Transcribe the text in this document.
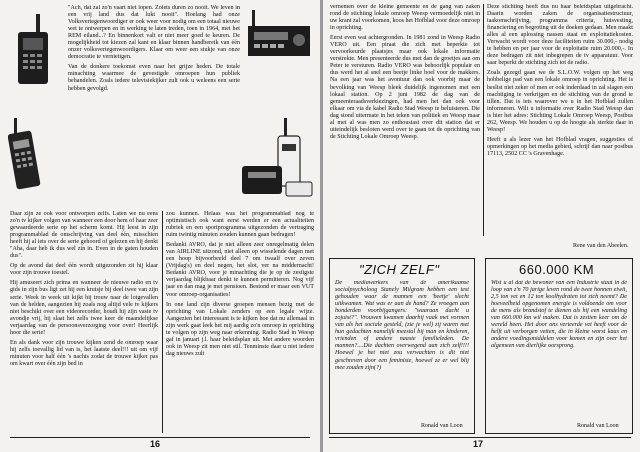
"Ach, dat zal zo'n vaart niet lopen. Zoiets duren zo nooit. We leven in een vrij land dus dat lukt nooit". Hoelang had onze Volksvertegenwoordiger er ook weer voor nodig om een totaal nieuwe wet te ontwerpen en in werking te laten treden, toen in 1964, met het REM eiland...? En binnenkort valt er niet meer goed te keuren. De mogelijkheid tot kiezen zal kant en klaar binnen handbereik van één onzer volksvertegenwoordigers. Klaar om weer een stukje van onze democratie te vernietigen.

Van de donkere toekomst even naar het grijze heden. De totale minachting waarmee de gevestigde omroepen hun publiek behandelen. Zoals iedere televisiekijker zult ook u weleens een serie hebben gevolgd.

Daar zijn ze ook voor ontworpen zelfs. Laten we nu eens zo'n tv kijker volgen van wanneer een door hem of haar zeer gewaardeerde serie op het scherm komt. Hij leest in zijn programmablad de omschrijving van deel één, misschien heeft hij al iets over de serie gehoord of gelezen en hij denkt "Aha, daar heb ik dus wel zin in. Even in de gaten houden dus".

Op de avond dat deel één wordt uitgezonden zit hij klaar voor zijn trouwe toestel.

Hij amuseert zich prima en wanneer de nieuwe radio en tv gids in zijn bus ligt zet hij een kruisje bij deel twee van zijn serie. Week in week uit kijkt hij trouw naar de lotgevallen van de helden, aangezien hij zoals nog altijd vele tv kijkers niet beschikt over een videorecorder, houdt hij zijn vaste tv avondje vrij, hij slaat het zelfs twee keer de maandelijkse verjaardag van de persoonsverzorging voor over! Heerlijk hoor die serie!

En als dank voor zijn trouwe kijken zend de omroep waar hij zelfs toevallig lid van is, het laatste deel!!! uit om vijf minuten voor half één 's nachts zodat de trouwe kijker pas om kwart over één zijn bed in

zou kunnen. Helaas was het programmablad nog te optimistisch ook want eerst werden er een actualiteiten rubriek en een sportprogramma uitgezonden de vertraging ruim twintig minuten zouden kunnen gaan bedragen!

Bedankt AVRO, dat je niet alleen zeer onregelmatig delen van AIRLINE uitzond, niet alleen op wisselende dagen met een hoop bijvoorbeeld deel 7 om twaalf over zeven (Vrijdag's) en deel negen, het slot, ver na middernacht! Bedankt AVRO, voor je minachting die je op de zestigste verjaardag blijkbaar denkt te kunnen permitteren. Nog vijf jaar en dan mag je met pensioen. Bestond er maar een VUT voor omroep-organisaties!

In one land zijn diverse groepen mensen bezig met de oprichting van Lokale zenders op een legale wijze. Aangezien het interessant is te kijken hoe dat nu allemaal in zijn werk gaat leek het mij aardig zo'n omroep in oprichting te volgen op zijn weg naar erkenning. Radio Stad in Weesp gaf in januari j.l. haar beleidsplan uit. Met andere woorden ook in Weesp zit men niet stil. Tenminste daar u niet iedere dag nieuws zult

16

vernemen over de kleine gemeente en de gang van zaken rond de stichting lokale omroep Weesp vermoedelijk niet in uw krant zal voorkomen, koos het Hofblad voor deze omroep in oprichting.

Eerst even wat achtergronden. In 1981 zond in Weesp Radio VERO uit. Een piraat die zich met beperkte tot vervoorkeurde plaatsjes maar ook lokale informatie verstrekte. Men presenteerde dus met dan de groetjes aan om Peter te versturen. Radio VERO was behoorlijk populair en dus werd het al snel een beetje linke boel voor de makkers. Na een jaar was het avontuur dan ook voorbij maar de bevolking van Weesp bleek duidelijk ingenomen met een lokaal station. Op 2 juni 1982 de dag van de gemeenteraadsverkiezingen, had men het dan ook voor elkaar om via de kabel Radio Stad Weesp te beluisteren. Die dag stond uitermate in het teken van politiek en Weesp maar al met al was men zo enthousiast over dit station dat er uiteindelijk besloten werd over te gaan tot de oprichting van de Stichting Lokale Omroep Weesp.

Deze stichting heeft dus nu haar beleidsplan uitgebracht. Daarin worden zaken de organisatiestructuur, taakomschrijving, programma criteria, huisvesting, financiering en begroting uit de doeken gedaan. Men maakt alles al een aplossing nassen staat en exploitatiekosten. Verwacht wordt voor deze faciliteiten ruim 30.000,- nodig te hebben en per jaar voor de exploitatie ruim 20.000,-. In deze bedragen zit niet inbegrepen de tv apparatuur. Voor saar beperkt de stichting zich tot de radio.

Zoals gezegd gaan we de S.L.O.W. volgen op het weg hobbelige pad van een lokale omroep in oprichting. Het is beslist niet zeker of men er ook inderdaad in zal slagen een machtiging te verkrijgen en de stichting van de grond te tillen. Dat is iets waarover we u in het Hofblad zullen informeren. Wilt u informatie over Radio Stad Weesp dan is hier het adres: Stichting Lokale Omroep Weesp, Postbus 262, Weesp. We houden u op de hoogte als sterkte daar in Weesp!

Heeft u als lezer van het Hofblad vragen, suggesties of opmerkingen op het media gebied, schrijf dan naar postbus 17113, 2502 CC 's Gravenhage.

Rene van den Abeelen.
"ZICH ZELF"
De mediawerkers van de amerikaanse socialpsycholoog Stanely Milgram hebben een test gehouden waar de mannen een 'beetje' slecht uitkwamen. Wat was er aan de hand? Ze vroegen aan honderden voorbijgangers: "waaraan dacht u zojuist?". Vrouwen kwamen daarbij vaak met vormen van als het sociale gesteld, (zie je wel) zij waren met hun gedachten namelijk meestal bij man en kinderen, vrienden of andere naaste familieleden. De mannen?....Die dachten overwegend aan zich zelf!!!! Hoewel je het niet zou verwachten is dit niet geschreven door een feministe, hoewel ze er wel blij mee zouden zijn(?)
Ronald van Loon
660.000 KM
Wist u al dat de bewoner van een Industrie staat in de loop van z'n 70 jarige leven rond de twee honnen eiwit, 2,5 ton vet en 12 ton koolhydraten tot zich neemt? De hoeveelheid opgenomen energie is voldoende om voor de mens als brandstof te dienen als hij een wandeling van 660.000 km wil maken. Dat is zestien keer om de wereld heen. Het door ons verteerde vet heeft voor de helft uit verborgen vetten, die in kleine worst kaas en andere voedingsmiddelen voor komen en zijn over het algemeen van dierlijke oorsprong.
Ronald van Loon
17
